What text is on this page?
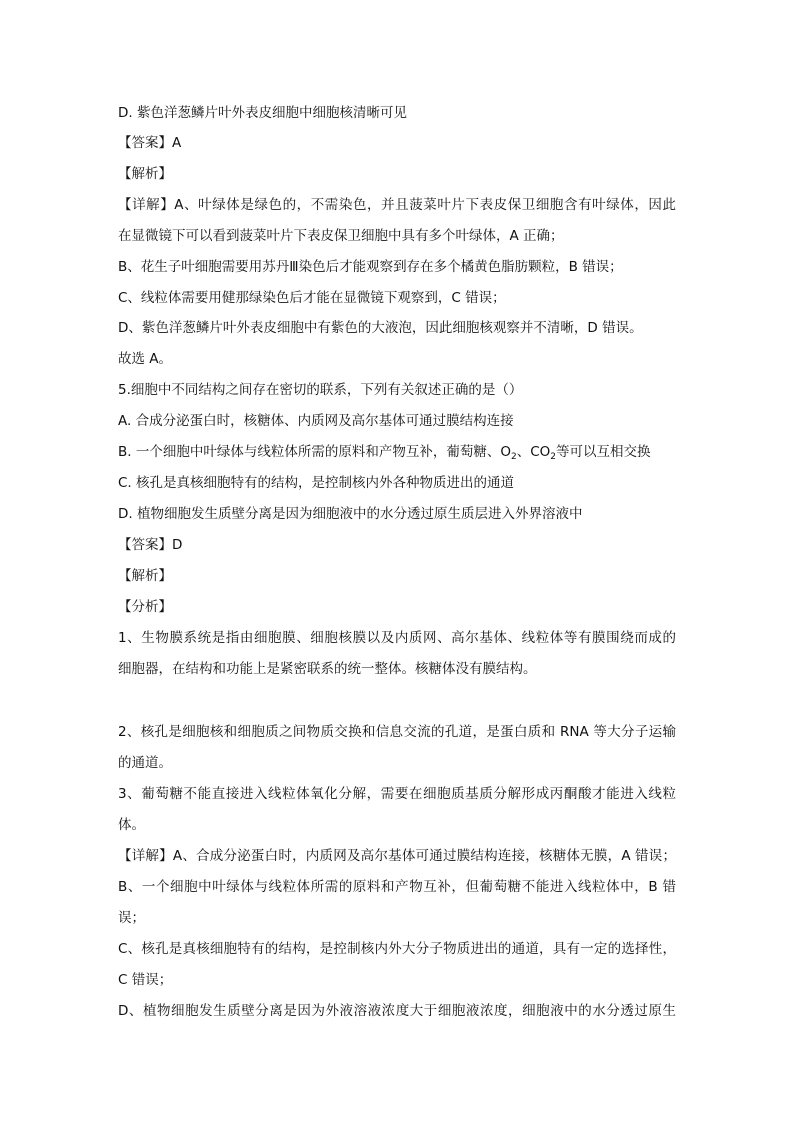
D. 紫色洋葱鳞片叶外表皮细胞中细胞核清晰可见
【答案】A
【解析】
【详解】A、叶绿体是绿色的，不需染色，并且菠菜叶片下表皮保卫细胞含有叶绿体，因此
在显微镜下可以看到菠菜叶片下表皮保卫细胞中具有多个叶绿体，A 正确；
B、花生子叶细胞需要用苏丹Ⅲ染色后才能观察到存在多个橘黄色脂肪颗粒，B 错误；
C、线粒体需要用健那绿染色后才能在显微镜下观察到，C 错误；
D、紫色洋葱鳞片叶外表皮细胞中有紫色的大液泡，因此细胞核观察并不清晰，D 错误。
故选 A。
5.细胞中不同结构之间存在密切的联系，下列有关叙述正确的是（）
A. 合成分泌蛋白时，核糖体、内质网及高尔基体可通过膜结构连接
B. 一个细胞中叶绿体与线粒体所需的原料和产物互补，葡萄糖、$O_2$、$CO_2$等可以互相交换
C. 核孔是真核细胞特有的结构，是控制核内外各种物质进出的通道
D. 植物细胞发生质壁分离是因为细胞液中的水分透过原生质层进入外界溶液中
【答案】D
【解析】
【分析】
1、生物膜系统是指由细胞膜、细胞核膜以及内质网、高尔基体、线粒体等有膜围绕而成的
细胞器，在结构和功能上是紧密联系的统一整体。核糖体没有膜结构。
2、核孔是细胞核和细胞质之间物质交换和信息交流的孔道，是蛋白质和 RNA 等大分子运输
的通道。
3、葡萄糖不能直接进入线粒体氧化分解，需要在细胞质基质分解形成丙酮酸才能进入线粒
体。
【详解】A、合成分泌蛋白时，内质网及高尔基体可通过膜结构连接，核糖体无膜，A 错误；
B、一个细胞中叶绿体与线粒体所需的原料和产物互补，但葡萄糖不能进入线粒体中，B 错
误；
C、核孔是真核细胞特有的结构，是控制核内外大分子物质进出的通道，具有一定的选择性，
C 错误；
D、植物细胞发生质壁分离是因为外液溶液浓度大于细胞液浓度，细胞液中的水分透过原生
